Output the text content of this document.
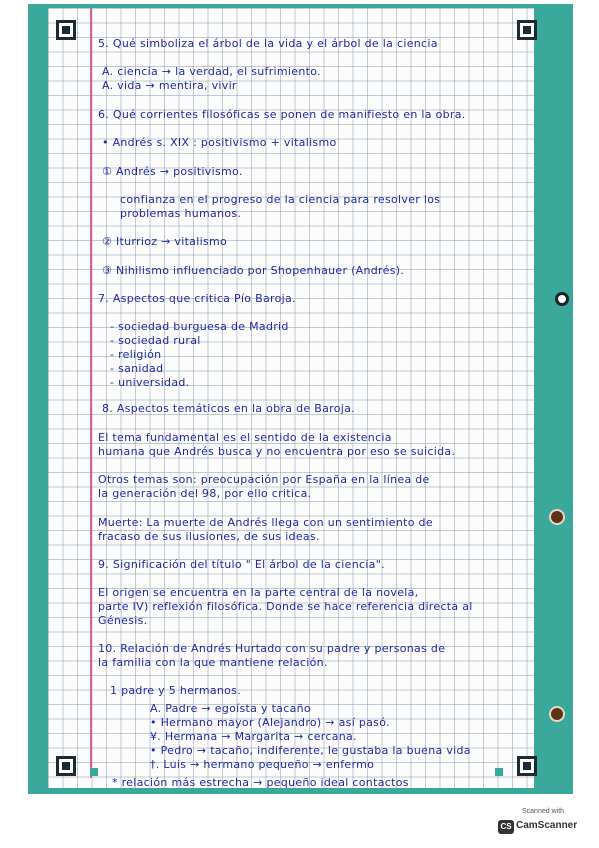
5. Qué simboliza el árbol de la vida y el árbol de la ciencia
A. ciencia → la verdad, el sufrimiento.
A. vida → mentira, vivir
6. Qué corrientes filosóficas se ponen de manifiesto en la obra.
• Andrés s. XIX : positivismo + vitalismo
① Andrés → positivismo.
confianza en el progreso de la ciencia para resolver los
problemas humanos.
② Iturrioz → vitalismo
③ Nihilismo influenciado por Shopenhauer (Andrés).
7. Aspectos que critica Pío Baroja.
- sociedad burguesa de Madrid
- sociedad rural
- religión
- sanidad
- universidad.
8. Aspectos temáticos en la obra de Baroja.
El tema fundamental es el sentido de la existencia
humana que Andrés busca y no encuentra por eso se suicida.
Otros temas son: preocupación por España en la línea de
la generación del 98, por ello critica.
Muerte: La muerte de Andrés llega con un sentimiento de
fracaso de sus ilusiones, de sus ideas.
9. Significación del título " El árbol de la ciencia".
El origen se encuentra en la parte central de la novela,
parte IV) reflexión filosófica. Donde se hace referencia directa al
Génesis.
10. Relación de Andrés Hurtado con su padre y personas de
la familia con la que mantiene relación.
1 padre y 5 hermanos.
A. Padre → egoísta y tacaño
• Hermano mayor (Alejandro) → así pasó.
¥. Hermana → Margarita → cercana.
• Pedro → tacaño, indiferente, le gustaba la buena vida
†. Luis → hermano pequeño → enfermo
* relación más estrecha → pequeño ideal contactos
Scanned with
CS CamScanner
